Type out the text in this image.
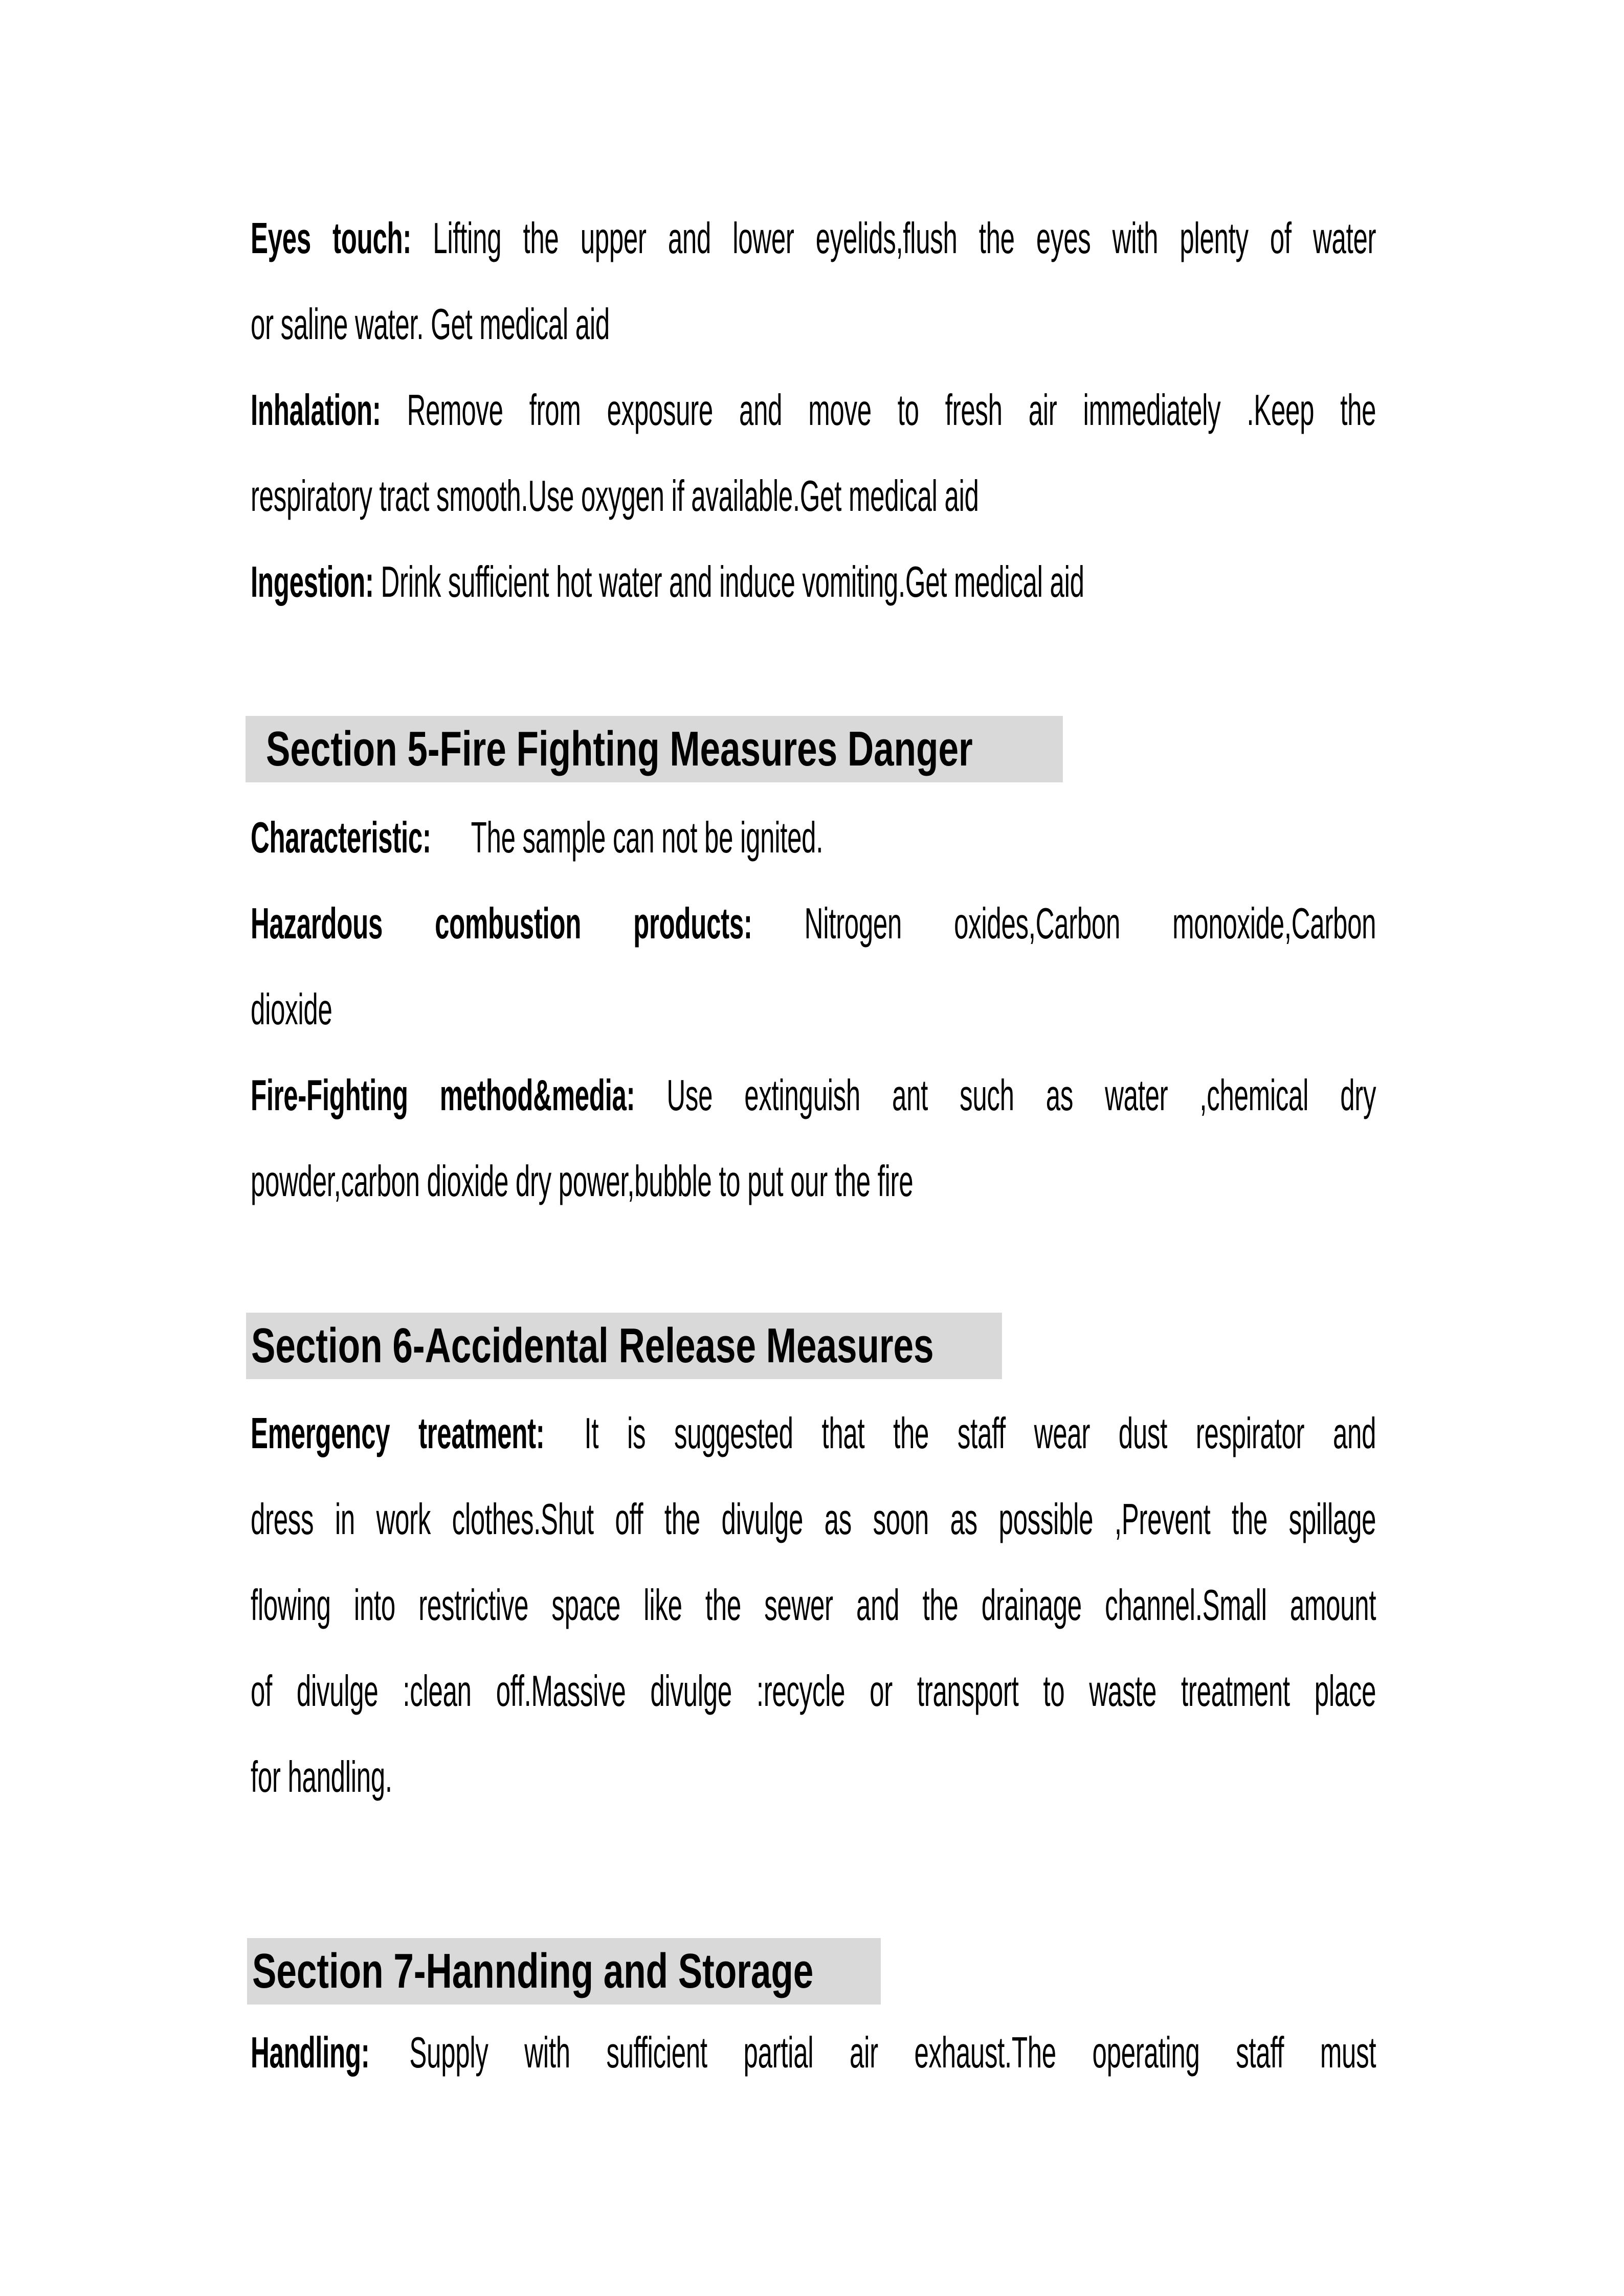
Eyes touch: Lifting the upper and lower eyelids,flush the eyes with plenty of water
or saline water. Get medical aid
Inhalation: Remove from exposure and move to fresh air immediately .Keep the
respiratory tract smooth.Use oxygen if available.Get medical aid
Ingestion: Drink sufficient hot water and induce vomiting.Get medical aid
Section 5-Fire Fighting Measures Danger
Characteristic: The sample can not be ignited.
Hazardous combustion products: Nitrogen oxides,Carbon monoxide,Carbon
dioxide
Fire-Fighting method&media: Use extinguish ant such as water ,chemical dry
powder,carbon dioxide dry power,bubble to put our the fire
Section 6-Accidental Release Measures
Emergency treatment: It is suggested that the staff wear dust respirator and
dress in work clothes.Shut off the divulge as soon as possible ,Prevent the spillage
flowing into restrictive space like the sewer and the drainage channel.Small amount
of divulge :clean off.Massive divulge :recycle or transport to waste treatment place
for handling.
Section 7-Hannding and Storage
Handling: Supply with sufficient partial air exhaust.The operating staff must
